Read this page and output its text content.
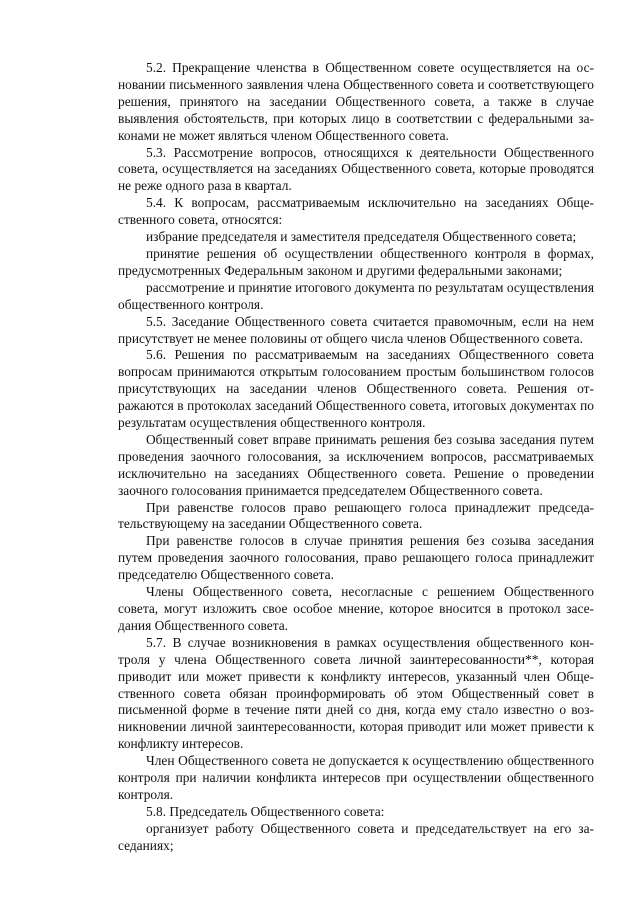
5.2. Прекращение членства в Общественном совете осуществляется на основании письменного заявления члена Общественного совета и соответствующего решения, принятого на заседании Общественного совета, а также в случае выявления обстоятельств, при которых лицо в соответствии с федеральными законами не может являться членом Общественного совета.

5.3. Рассмотрение вопросов, относящихся к деятельности Общественного совета, осуществляется на заседаниях Общественного совета, которые проводятся не реже одного раза в квартал.

5.4. К вопросам, рассматриваемым исключительно на заседаниях Общественного совета, относятся:

избрание председателя и заместителя председателя Общественного совета;

принятие решения об осуществлении общественного контроля в формах, предусмотренных Федеральным законом и другими федеральными законами;

рассмотрение и принятие итогового документа по результатам осуществления общественного контроля.

5.5. Заседание Общественного совета считается правомочным, если на нем присутствует не менее половины от общего числа членов Общественного совета.

5.6. Решения по рассматриваемым на заседаниях Общественного совета вопросам принимаются открытым голосованием простым большинством голосов присутствующих на заседании членов Общественного совета. Решения отражаются в протоколах заседаний Общественного совета, итоговых документах по результатам осуществления общественного контроля.

Общественный совет вправе принимать решения без созыва заседания путем проведения заочного голосования, за исключением вопросов, рассматриваемых исключительно на заседаниях Общественного совета. Решение о проведении заочного голосования принимается председателем Общественного совета.

При равенстве голосов право решающего голоса принадлежит председательствующему на заседании Общественного совета.

При равенстве голосов в случае принятия решения без созыва заседания путем проведения заочного голосования, право решающего голоса принадлежит председателю Общественного совета.

Члены Общественного совета, несогласные с решением Общественного совета, могут изложить свое особое мнение, которое вносится в протокол заседания Общественного совета.

5.7. В случае возникновения в рамках осуществления общественного контроля у члена Общественного совета личной заинтересованности**, которая приводит или может привести к конфликту интересов, указанный член Общественного совета обязан проинформировать об этом Общественный совет в письменной форме в течение пяти дней со дня, когда ему стало известно о возникновении личной заинтересованности, которая приводит или может привести к конфликту интересов.

Член Общественного совета не допускается к осуществлению общественного контроля при наличии конфликта интересов при осуществлении общественного контроля.

5.8. Председатель Общественного совета:

организует работу Общественного совета и председательствует на его заседаниях;
